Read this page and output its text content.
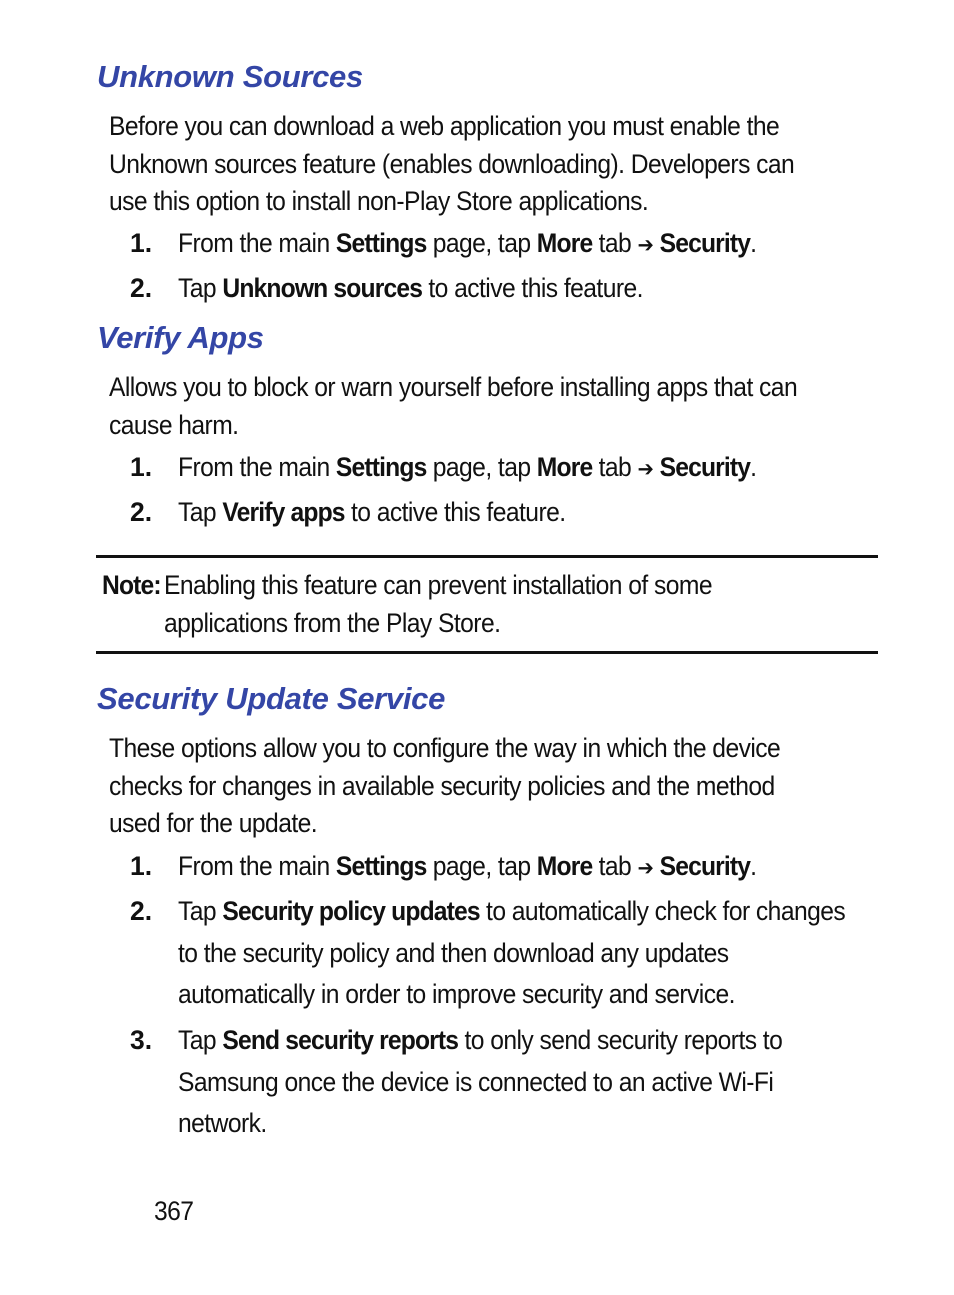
Unknown Sources
Before you can download a web application you must enable the
Unknown sources feature (enables downloading). Developers can
use this option to install non-Play Store applications.
1. From the main Settings page, tap More tab ➔ Security.
2. Tap Unknown sources to active this feature.
Verify Apps
Allows you to block or warn yourself before installing apps that can
cause harm.
1. From the main Settings page, tap More tab ➔ Security.
2. Tap Verify apps to active this feature.
Note: Enabling this feature can prevent installation of some
applications from the Play Store.
Security Update Service
These options allow you to configure the way in which the device
checks for changes in available security policies and the method
used for the update.
1. From the main Settings page, tap More tab ➔ Security.
2. Tap Security policy updates to automatically check for changes
to the security policy and then download any updates
automatically in order to improve security and service.
3. Tap Send security reports to only send security reports to
Samsung once the device is connected to an active Wi-Fi
network.
367
